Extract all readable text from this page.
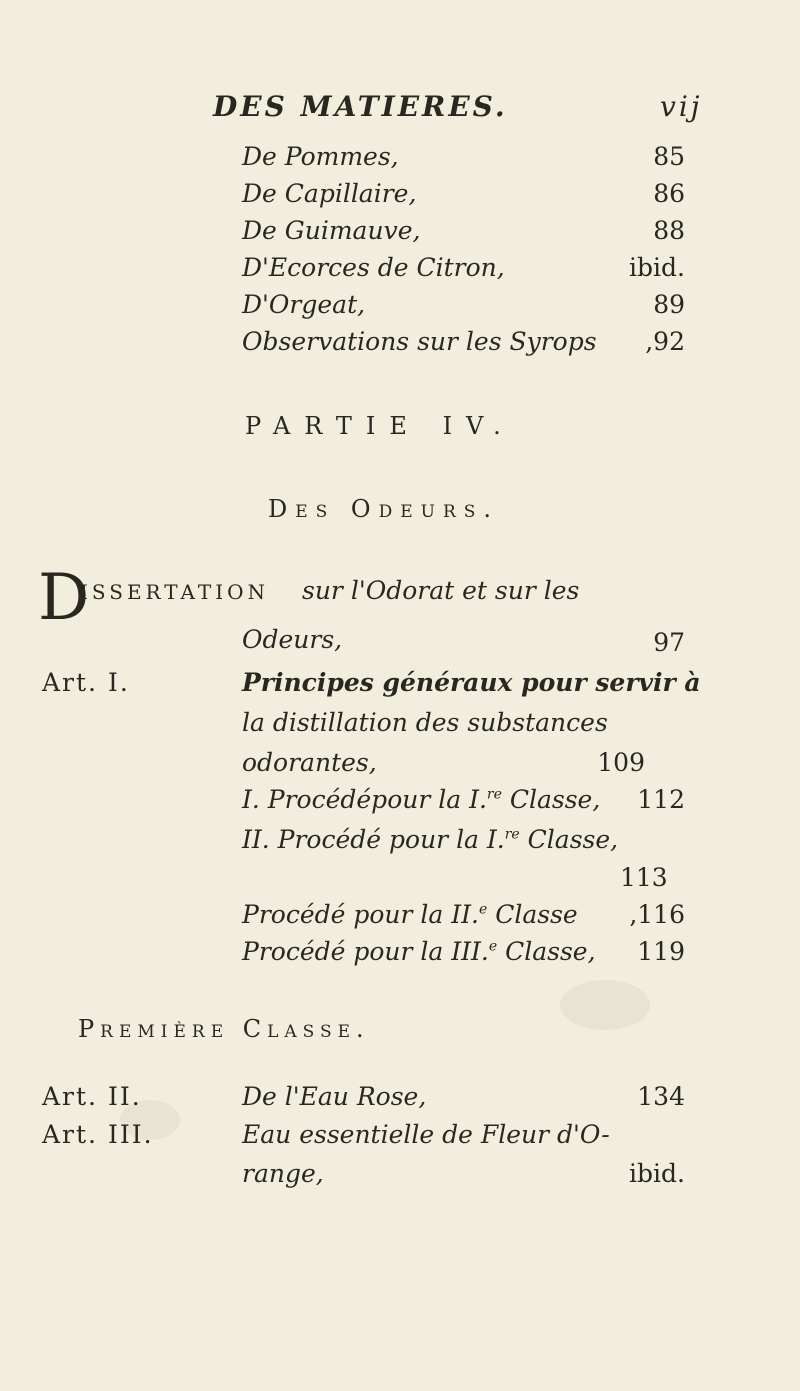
DES MATIERES.	vij
De Pommes,	85
De Capillaire,	86
De Guimauve,	88
D'Ecorces de Citron,	ibid.
D'Orgeat,	89
Observations sur les Syrops	,92
PARTIE IV.
Des Odeurs.
D
ISSERTATION sur l'Odorat et sur les
Odeurs,	97
Art. I.	Principes généraux pour servir à
la distillation des substances
odorantes,	109
I. Procédépour la I.$^{re}$ Classe,	112
II. Procédé pour la I.$^{re}$ Classe,
113
Procédé pour la II.$^e$ Classe	,116
Procédé pour la III.$^e$ Classe,	119
Première Classe.
Art. II.	De l'Eau Rose,	134
Art. III.	Eau essentielle de Fleur d'O-
range,	ibid.
